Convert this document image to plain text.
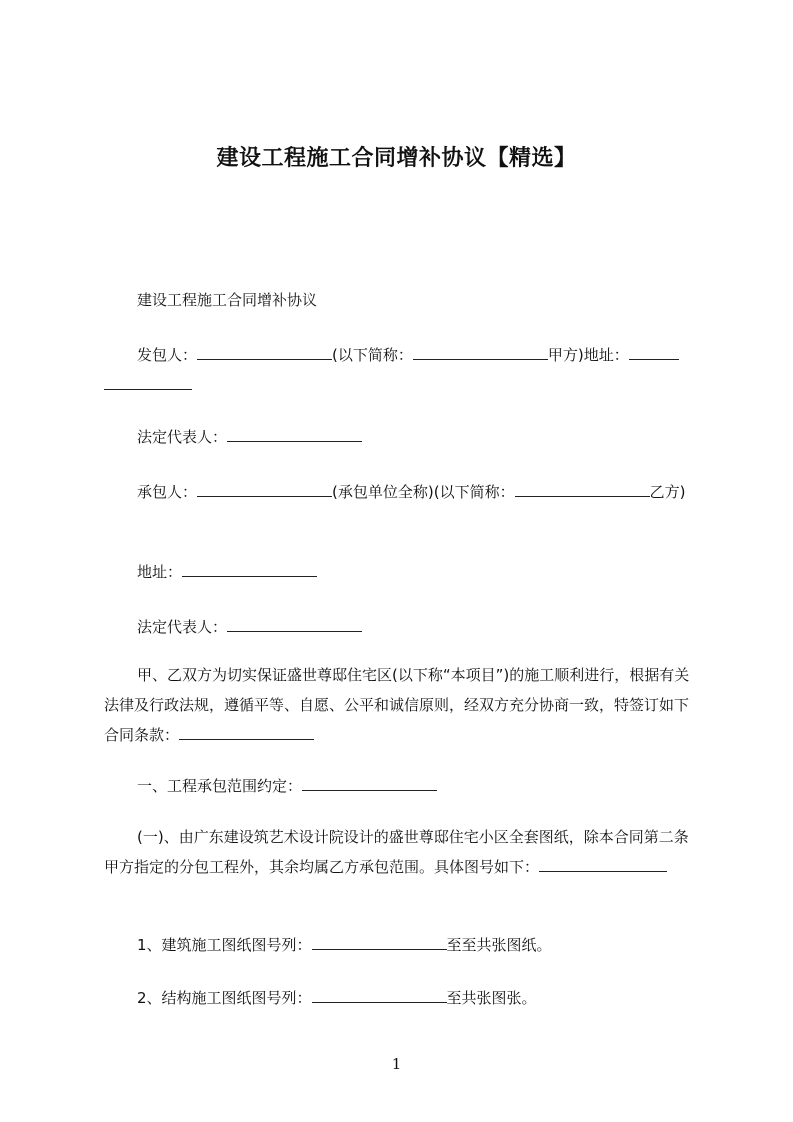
建设工程施工合同增补协议【精选】
建设工程施工合同增补协议
发包人：	(以下简称：	甲方)地址：
法定代表人：
承包人：	(承包单位全称)(以下简称：	乙方)
地址：
法定代表人：
甲、乙双方为切实保证盛世尊邸住宅区(以下称“本项目”)的施工顺利进行，根据有关法律及行政法规，遵循平等、自愿、公平和诚信原则，经双方充分协商一致，特签订如下合同条款：
一、工程承包范围约定：
(一)、由广东建设筑艺术设计院设计的盛世尊邸住宅小区全套图纸，除本合同第二条甲方指定的分包工程外，其余均属乙方承包范围。具体图号如下：
1、建筑施工图纸图号列：	至至共张图纸。
2、结构施工图纸图号列：	至共张图张。
1
